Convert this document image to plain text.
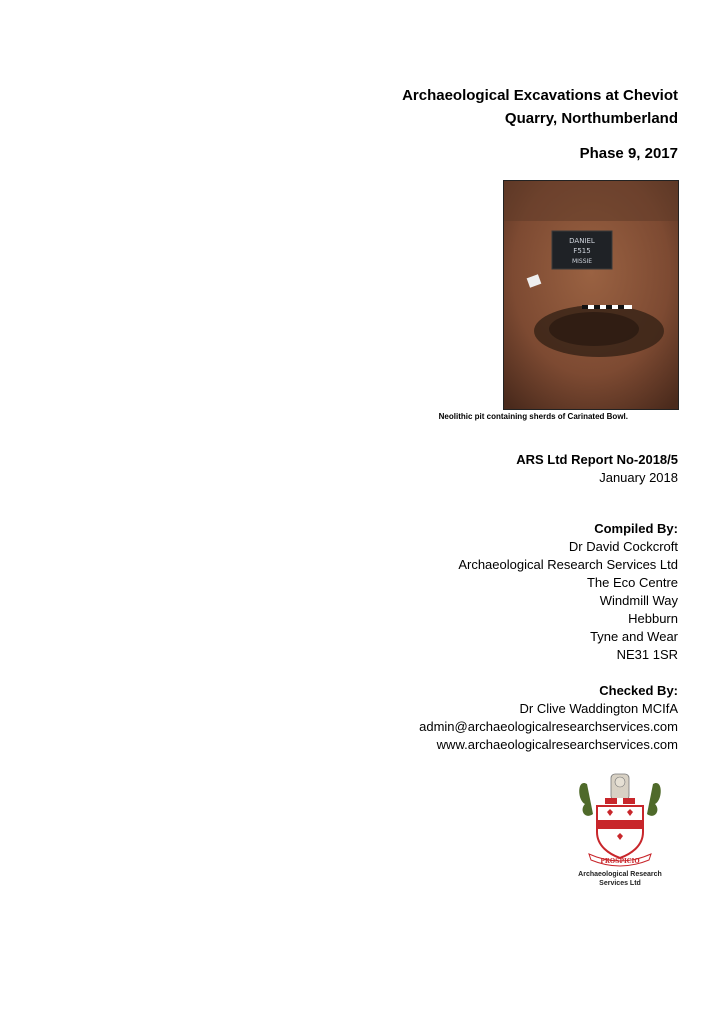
Archaeological Excavations at Cheviot
Quarry, Northumberland
Phase 9, 2017
DANIEL
F515
MISSIE
Neolithic pit containing sherds of Carinated Bowl.
ARS Ltd Report No-2018/5
January 2018
Compiled By:
Dr David Cockcroft
Archaeological Research Services Ltd
The Eco Centre
Windmill Way
Hebburn
Tyne and Wear
NE31 1SR
Checked By:
Dr Clive Waddington MCIfA
admin@archaeologicalresearchservices.com
www.archaeologicalresearchservices.com
PROSPICIO
Archaeological Research
Services Ltd
